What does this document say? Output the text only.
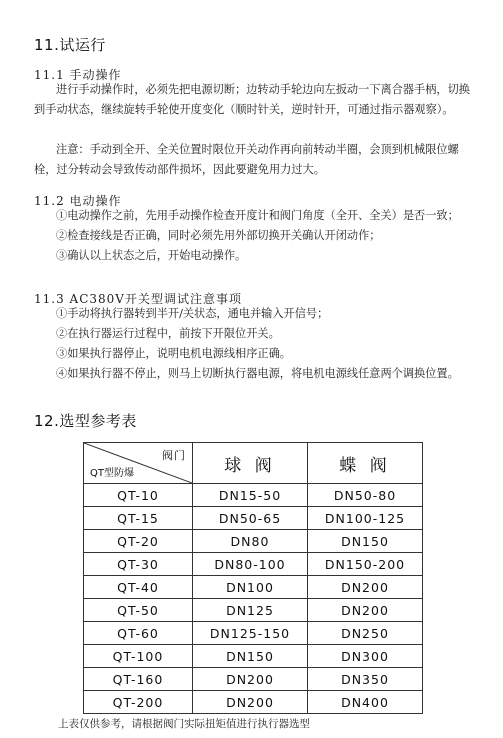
11.试运行
11.1 手动操作

进行手动操作时，必须先把电源切断；边转动手轮边向左扳动一下离合器手柄，切换到手动状态，继续旋转手轮使开度变化（顺时针关，逆时针开，可通过指示器观察）。

注意：手动到全开、全关位置时限位开关动作再向前转动半圈，会顶到机械限位螺栓，过分转动会导致传动部件损坏，因此要避免用力过大。

11.2 电动操作
①电动操作之前，先用手动操作检查开度计和阀门角度（全开、全关）是否一致；
②检查接线是否正确，同时必须先用外部切换开关确认开闭动作；
③确认以上状态之后，开始电动操作。
11.3 AC380V开关型调试注意事项
①手动将执行器转到半开/关状态，通电并输入开信号；
②在执行器运行过程中，前按下开限位开关。
③如果执行器停止，说明电机电源线相序正确。
④如果执行器不停止，则马上切断执行器电源，将电机电源线任意两个调换位置。
12.选型参考表
阀门
QT型防爆	球 阀	蝶 阀
QT-10	DN15-50	DN50-80
QT-15	DN50-65	DN100-125
QT-20	DN80	DN150
QT-30	DN80-100	DN150-200
QT-40	DN100	DN200
QT-50	DN125	DN200
QT-60	DN125-150	DN250
QT-100	DN150	DN300
QT-160	DN200	DN350
QT-200	DN200	DN400

上表仅供参考，请根据阀门实际扭矩值进行执行器选型
